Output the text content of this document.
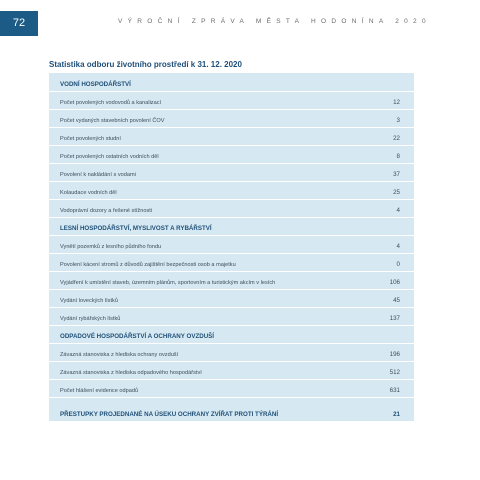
72	VÝROČNÍ ZPRÁVA MĚSTA HODONÍNA 2020
Statistika odboru životního prostředí k 31. 12. 2020
VODNÍ HOSPODÁŘSTVÍ
Počet povolených vodovodů a kanalizací	12
Počet vydaných stavebních povolení ČOV	3
Počet povolených studní	22
Počet povolených ostatních vodních děl	8
Povolení k nakládání s vodami	37
Kolaudace vodních děl	25
Vodoprávní dozory a řešené stížnosti	4
LESNÍ HOSPODÁŘSTVÍ, MYSLIVOST A RYBÁŘSTVÍ
Vynětí pozemků z lesního půdního fondu	4
Povolení kácení stromů z důvodů zajištění bezpečnosti osob a majetku	0
Vyjádření k umístění staveb, územním plánům, sportovním a turistickým akcím v lesích	106
Vydání loveckých lístků	45
Vydání rybářských lístků	137
ODPADOVÉ HOSPODÁŘSTVÍ A OCHRANY OVZDUŠÍ
Závazná stanoviska z hlediska ochrany ovzduší	196
Závazná stanoviska z hlediska odpadového hospodářství	512
Počet hlášení evidence odpadů	631
PŘESTUPKY PROJEDNANÉ NA ÚSEKU OCHRANY ZVÍŘAT PROTI TÝRÁNÍ	21
